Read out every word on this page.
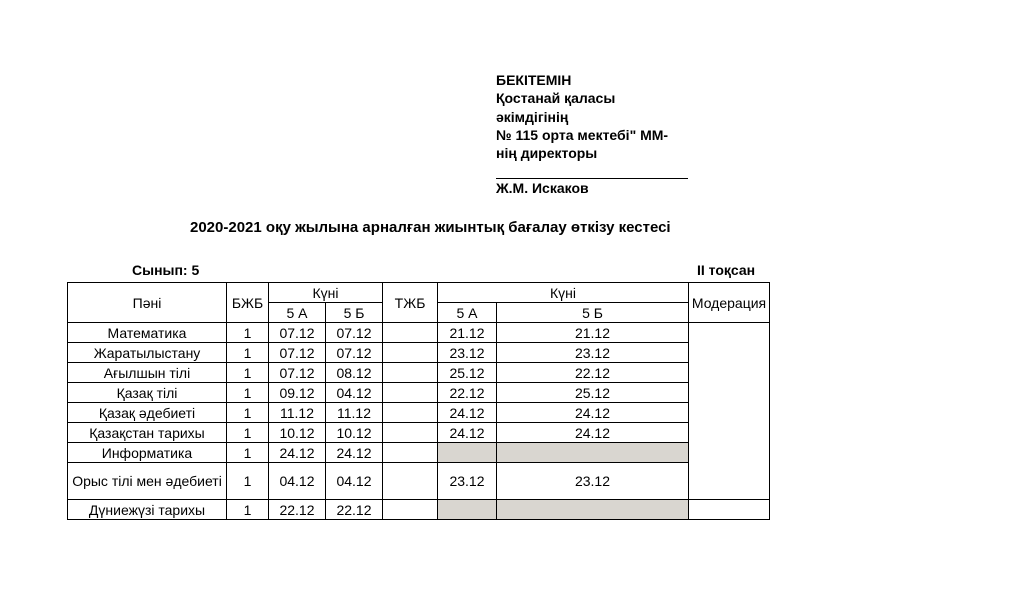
БЕКІТЕМІН
Қостанай қаласы
әкімдігінің
№ 115 орта мектебі" ММ-
нің директоры
Ж.М. Искаков
2020-2021 оқу жылына арналған жиынтық бағалау өткізу кестесі
Сынып: 5	ІІ тоқсан
Пәні	БЖБ	Күні		ТЖБ	Күні		Модерация
		5 А	5 Б		5 А	5 Б	
Математика	1	07.12	07.12		21.12	21.12	
Жаратылыстану	1	07.12	07.12		23.12	23.12	
Ағылшын тілі	1	07.12	08.12		25.12	22.12	
Қазақ тілі	1	09.12	04.12		22.12	25.12	
Қазақ әдебиеті	1	11.12	11.12		24.12	24.12	
Қазақстан тарихы	1	10.12	10.12		24.12	24.12	
Информатика	1	24.12	24.12				
Орыс тілі мен әдебиеті	1	04.12	04.12		23.12	23.12	
Дүниежүзі тарихы	1	22.12	22.12				
